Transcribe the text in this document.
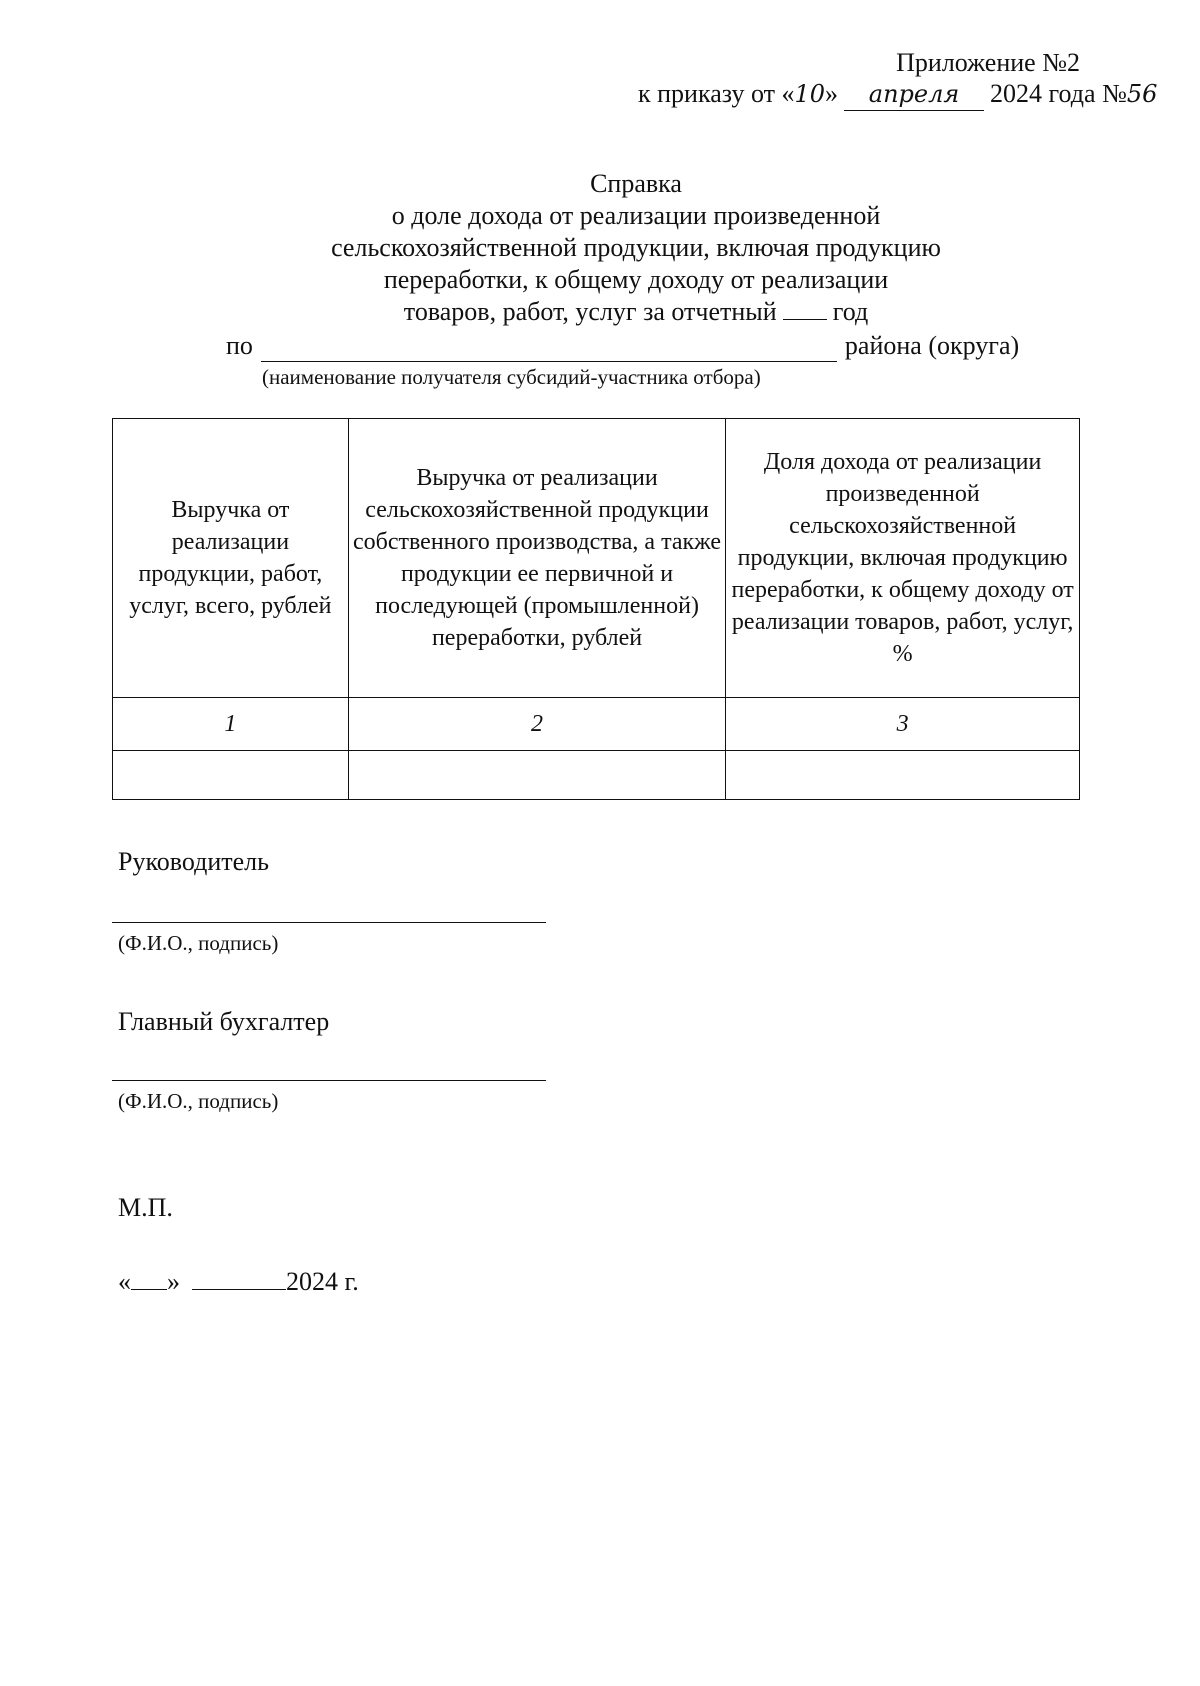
Приложение №2
к приказу от «10» апреля 2024 года №56
Справка
о доле дохода от реализации произведенной
сельскохозяйственной продукции, включая продукцию
переработки, к общему доходу от реализации
товаров, работ, услуг за отчетный год
по	района (округа)
(наименование получателя субсидий-участника отбора)
Выручка от реализации продукции, работ, услуг, всего, рублей	Выручка от реализации сельскохозяйственной продукции собственного производства, а также продукции ее первичной и последующей (промышленной) переработки, рублей	Доля дохода от реализации произведенной сельскохозяйственной продукции, включая продукцию переработки, к общему доходу от реализации товаров, работ, услуг, %
1	2	3

Руководитель
(Ф.И.О., подпись)
Главный бухгалтер
(Ф.И.О., подпись)
М.П.
« »	2024 г.
